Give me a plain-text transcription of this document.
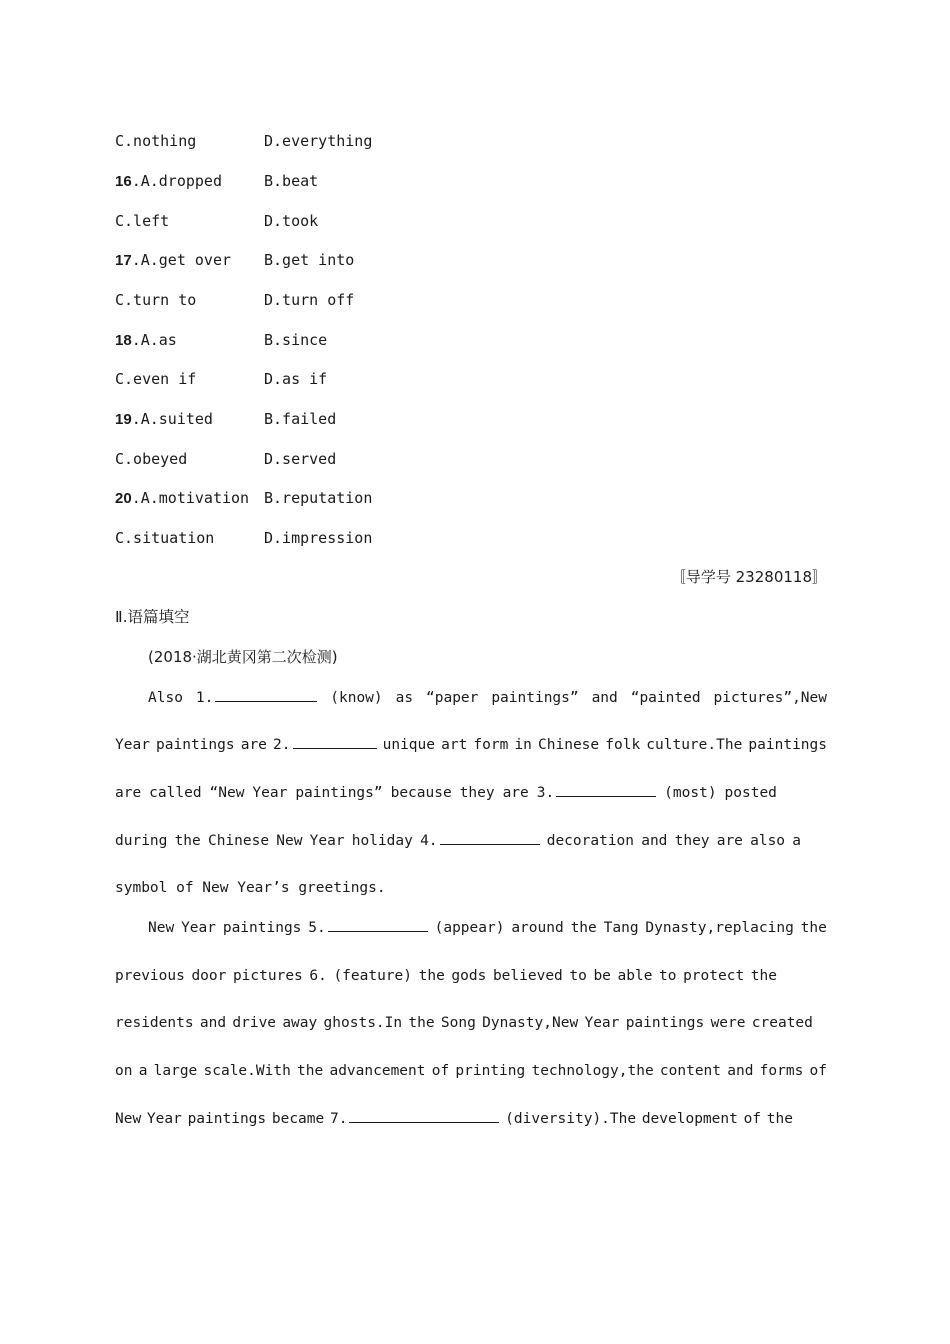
C.nothing	D.everything
16.A.dropped	B.beat
C.left	D.took
17.A.get over B.get into
C.turn to	D.turn off
18.A.as	B.since
C.even if	D.as if
19.A.suited	B.failed
C.obeyed	D.served
20.A.motivation B.reputation
C.situation	D.impression
〚导学号 23280118〛
Ⅱ.语篇填空
(2018·湖北黄冈第二次检测)
Also 1.	(know) as “paper paintings” and “painted pictures”,New
Year paintings are 2.	unique art form in Chinese folk culture.The paintings
are called “New Year paintings” because they are 3.	(most) posted
during the Chinese New Year holiday 4.	decoration and they are also a
symbol of New Year’s greetings.
New Year paintings 5.	(appear) around the Tang Dynasty,replacing the
previous door pictures 6. (feature) the gods believed to be able to protect the
residents and drive away ghosts.In the Song Dynasty,New Year paintings were created
on a large scale.With the advancement of printing technology,the content and forms of
New Year paintings became 7.	(diversity).The development of the
